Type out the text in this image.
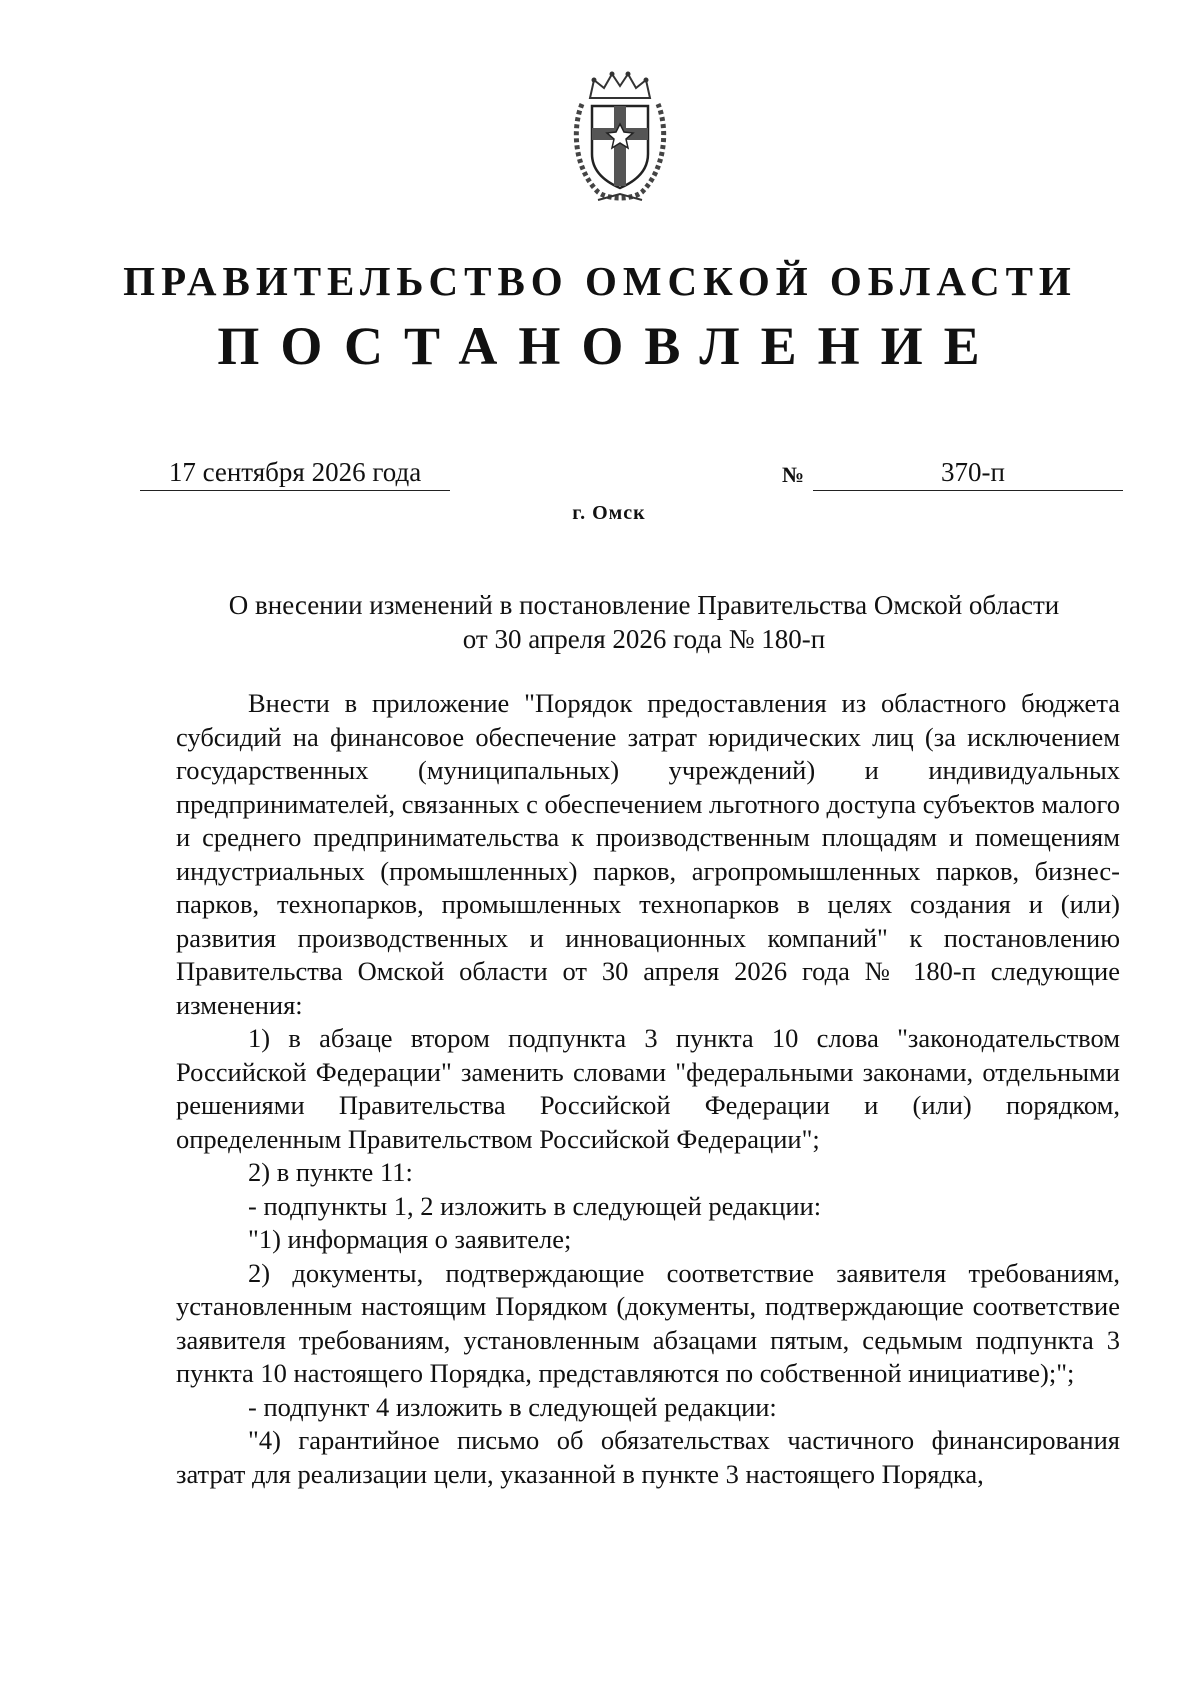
ПРАВИТЕЛЬСТВО ОМСКОЙ ОБЛАСТИ
ПОСТАНОВЛЕНИЕ
17 сентября 2026 года	№	370-п
г. Омск
О внесении изменений в постановление Правительства Омской области
от 30 апреля 2026 года № 180-п

Внести в приложение "Порядок предоставления из областного бюджета субсидий на финансовое обеспечение затрат юридических лиц (за исключением государственных (муниципальных) учреждений) и индивидуальных предпринимателей, связанных с обеспечением льготного доступа субъектов малого и среднего предпринимательства к производственным площадям и помещениям индустриальных (промышленных) парков, агропромышленных парков, бизнес-парков, технопарков, промышленных технопарков в целях создания и (или) развития производственных и инновационных компаний" к постановлению Правительства Омской области от 30 апреля 2026 года № 180-п следующие изменения:

1) в абзаце втором подпункта 3 пункта 10 слова "законодательством Российской Федерации" заменить словами "федеральными законами, отдельными решениями Правительства Российской Федерации и (или) порядком, определенным Правительством Российской Федерации";

2) в пункте 11:

- подпункты 1, 2 изложить в следующей редакции:

"1) информация о заявителе;

2) документы, подтверждающие соответствие заявителя требованиям, установленным настоящим Порядком (документы, подтверждающие соответствие заявителя требованиям, установленным абзацами пятым, седьмым подпункта 3 пункта 10 настоящего Порядка, представляются по собственной инициативе);";

- подпункт 4 изложить в следующей редакции:

"4) гарантийное письмо об обязательствах частичного финансирования затрат для реализации цели, указанной в пункте 3 настоящего Порядка,
